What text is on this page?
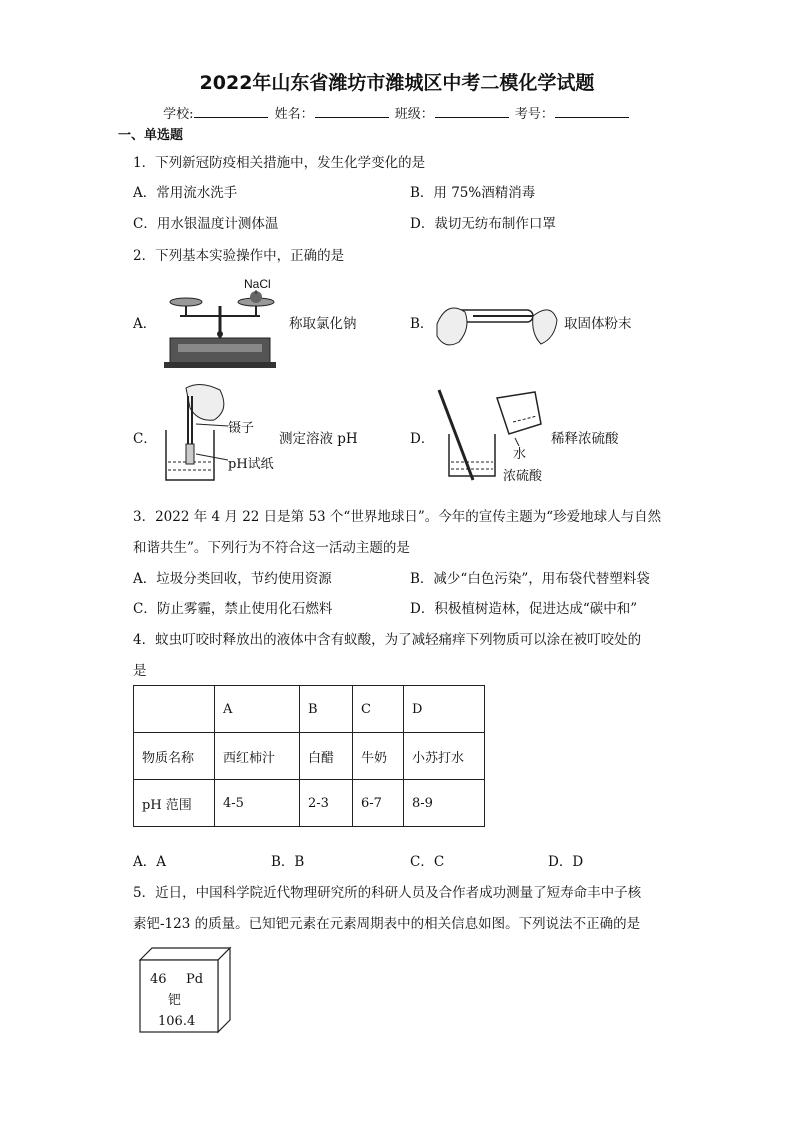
2022年山东省潍坊市潍城区中考二模化学试题
学校:	姓名：	班级：	考号：
一、单选题
1．下列新冠防疫相关措施中，发生化学变化的是
A．常用流水洗手	B．用 75%酒精消毒
C．用水银温度计测体温	D．裁切无纺布制作口罩
2．下列基本实验操作中，正确的是
A．
NaCl
称取氯化钠	B．	取固体粉末
C．
镊子
pH试纸
测定溶液 pH	D．
水
浓硫酸
稀释浓硫酸
3．2022 年 4 月 22 日是第 53 个“世界地球日”。今年的宣传主题为“珍爱地球人与自然
和谐共生”。下列行为不符合这一活动主题的是
A．垃圾分类回收，节约使用资源	B．减少“白色污染”，用布袋代替塑料袋
C．防止雾霾，禁止使用化石燃料	D．积极植树造林，促进达成“碳中和”
4．蚊虫叮咬时释放出的液体中含有蚁酸，为了减轻痛痒下列物质可以涂在被叮咬处的
是
	A	B	C	D
物质名称	西红柿汁	白醋	牛奶	小苏打水
pH 范围	4-5	2-3	6-7	8-9
A．A	B．B	C．C	D．D
5．近日，中国科学院近代物理研究所的科研人员及合作者成功测量了短寿命丰中子核
素钯-123 的质量。已知钯元素在元素周期表中的相关信息如图。下列说法不正确的是
46 Pd
钯
106.4
